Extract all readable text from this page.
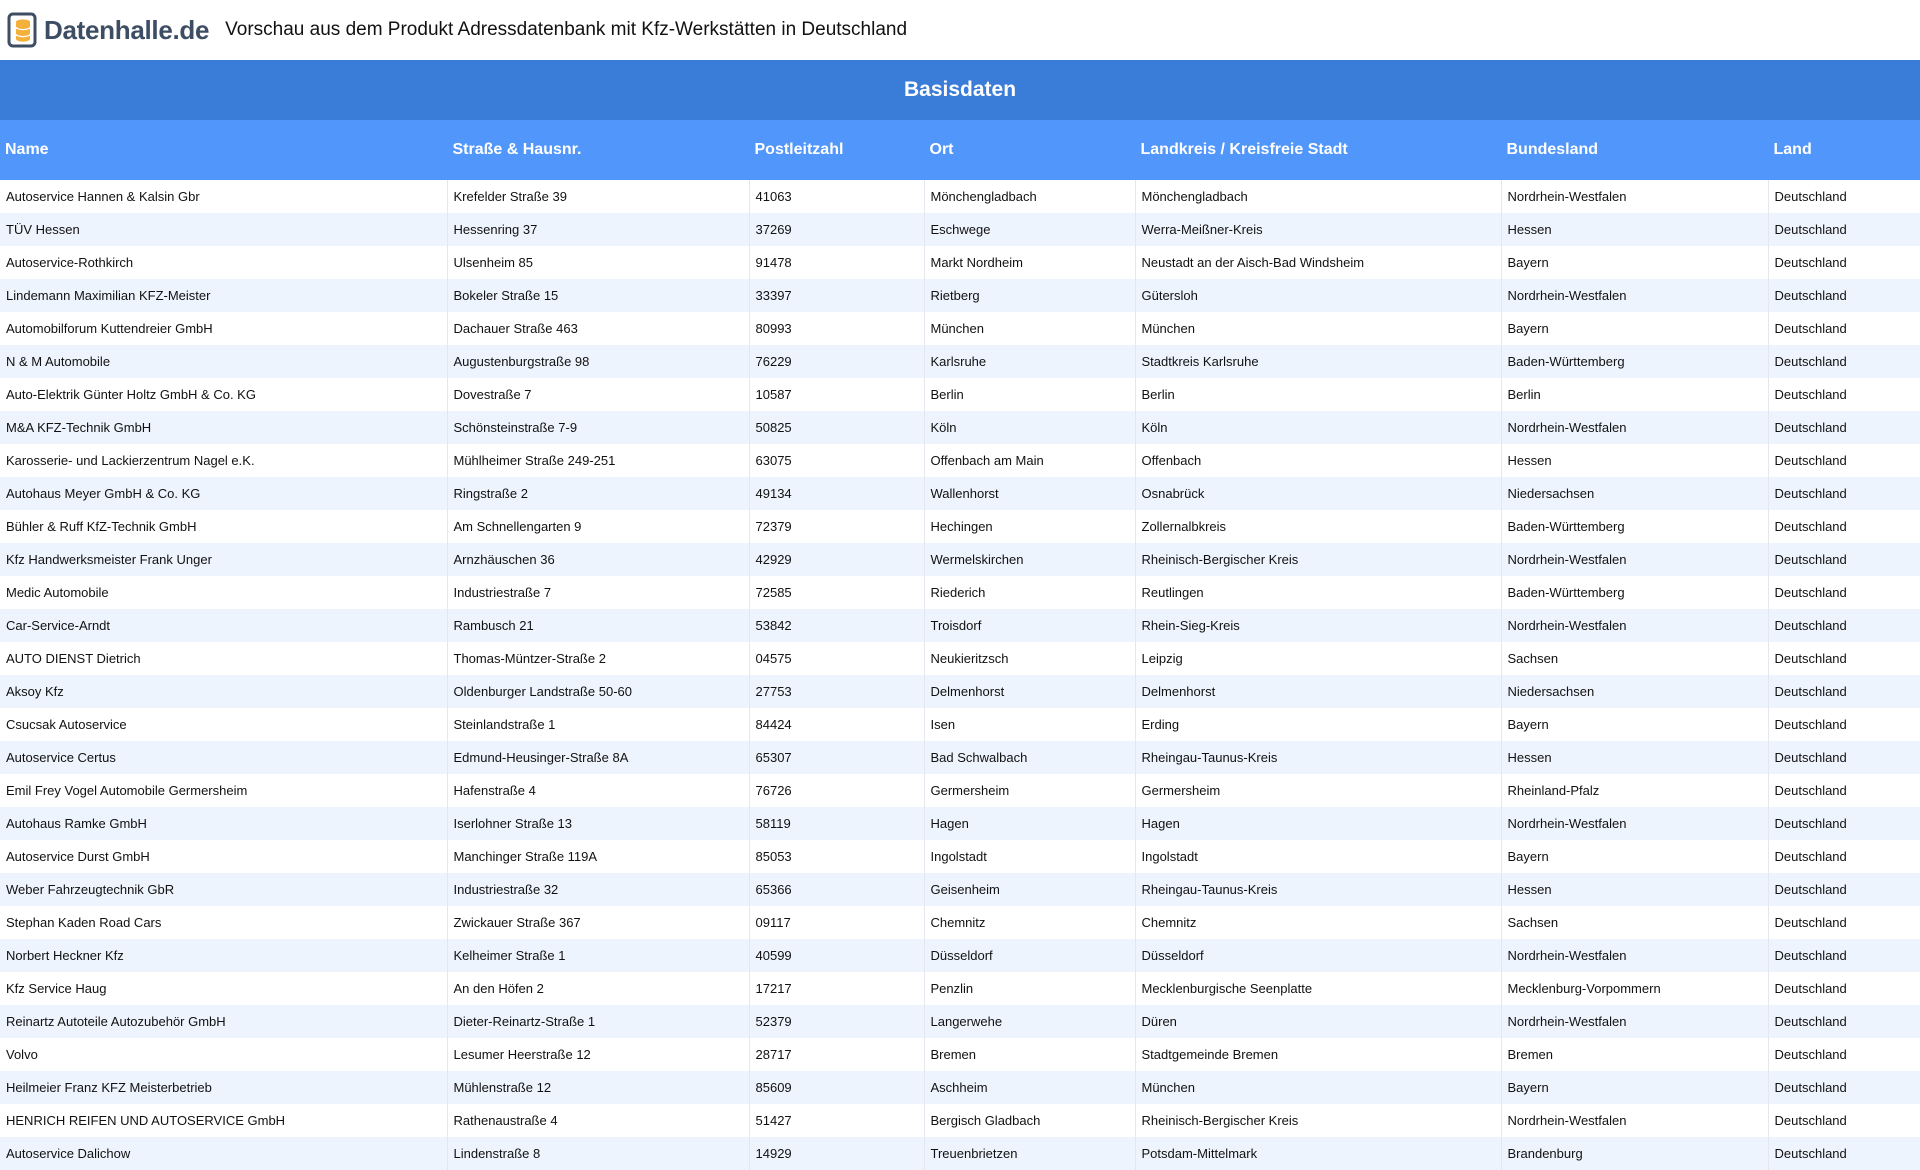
Datenhalle.de Vorschau aus dem Produkt Adressdatenbank mit Kfz-Werkstätten in Deutschland
Basisdaten						
Name	Straße & Hausnr.	Postleitzahl	Ort	Landkreis / Kreisfreie Stadt	Bundesland	Land
Autoservice Hannen & Kalsin Gbr	Krefelder Straße 39	41063	Mönchengladbach	Mönchengladbach	Nordrhein-Westfalen	Deutschland
TÜV Hessen	Hessenring 37	37269	Eschwege	Werra-Meißner-Kreis	Hessen	Deutschland
Autoservice-Rothkirch	Ulsenheim 85	91478	Markt Nordheim	Neustadt an der Aisch-Bad Windsheim	Bayern	Deutschland
Lindemann Maximilian KFZ-Meister	Bokeler Straße 15	33397	Rietberg	Gütersloh	Nordrhein-Westfalen	Deutschland
Automobilforum Kuttendreier GmbH	Dachauer Straße 463	80993	München	München	Bayern	Deutschland
N & M Automobile	Augustenburgstraße 98	76229	Karlsruhe	Stadtkreis Karlsruhe	Baden-Württemberg	Deutschland
Auto-Elektrik Günter Holtz GmbH & Co. KG	Dovestraße 7	10587	Berlin	Berlin	Berlin	Deutschland
M&A KFZ-Technik GmbH	Schönsteinstraße 7-9	50825	Köln	Köln	Nordrhein-Westfalen	Deutschland
Karosserie- und Lackierzentrum Nagel e.K.	Mühlheimer Straße 249-251	63075	Offenbach am Main	Offenbach	Hessen	Deutschland
Autohaus Meyer GmbH & Co. KG	Ringstraße 2	49134	Wallenhorst	Osnabrück	Niedersachsen	Deutschland
Bühler & Ruff KfZ-Technik GmbH	Am Schnellengarten 9	72379	Hechingen	Zollernalbkreis	Baden-Württemberg	Deutschland
Kfz Handwerksmeister Frank Unger	Arnzhäuschen 36	42929	Wermelskirchen	Rheinisch-Bergischer Kreis	Nordrhein-Westfalen	Deutschland
Medic Automobile	Industriestraße 7	72585	Riederich	Reutlingen	Baden-Württemberg	Deutschland
Car-Service-Arndt	Rambusch 21	53842	Troisdorf	Rhein-Sieg-Kreis	Nordrhein-Westfalen	Deutschland
AUTO DIENST Dietrich	Thomas-Müntzer-Straße 2	04575	Neukieritzsch	Leipzig	Sachsen	Deutschland
Aksoy Kfz	Oldenburger Landstraße 50-60	27753	Delmenhorst	Delmenhorst	Niedersachsen	Deutschland
Csucsak Autoservice	Steinlandstraße 1	84424	Isen	Erding	Bayern	Deutschland
Autoservice Certus	Edmund-Heusinger-Straße 8A	65307	Bad Schwalbach	Rheingau-Taunus-Kreis	Hessen	Deutschland
Emil Frey Vogel Automobile Germersheim	Hafenstraße 4	76726	Germersheim	Germersheim	Rheinland-Pfalz	Deutschland
Autohaus Ramke GmbH	Iserlohner Straße 13	58119	Hagen	Hagen	Nordrhein-Westfalen	Deutschland
Autoservice Durst GmbH	Manchinger Straße 119A	85053	Ingolstadt	Ingolstadt	Bayern	Deutschland
Weber Fahrzeugtechnik GbR	Industriestraße 32	65366	Geisenheim	Rheingau-Taunus-Kreis	Hessen	Deutschland
Stephan Kaden Road Cars	Zwickauer Straße 367	09117	Chemnitz	Chemnitz	Sachsen	Deutschland
Norbert Heckner Kfz	Kelheimer Straße 1	40599	Düsseldorf	Düsseldorf	Nordrhein-Westfalen	Deutschland
Kfz Service Haug	An den Höfen 2	17217	Penzlin	Mecklenburgische Seenplatte	Mecklenburg-Vorpommern	Deutschland
Reinartz Autoteile Autozubehör GmbH	Dieter-Reinartz-Straße 1	52379	Langerwehe	Düren	Nordrhein-Westfalen	Deutschland
Volvo	Lesumer Heerstraße 12	28717	Bremen	Stadtgemeinde Bremen	Bremen	Deutschland
Heilmeier Franz KFZ Meisterbetrieb	Mühlenstraße 12	85609	Aschheim	München	Bayern	Deutschland
HENRICH REIFEN UND AUTOSERVICE GmbH	Rathenaustraße 4	51427	Bergisch Gladbach	Rheinisch-Bergischer Kreis	Nordrhein-Westfalen	Deutschland
Autoservice Dalichow	Lindenstraße 8	14929	Treuenbrietzen	Potsdam-Mittelmark	Brandenburg	Deutschland
